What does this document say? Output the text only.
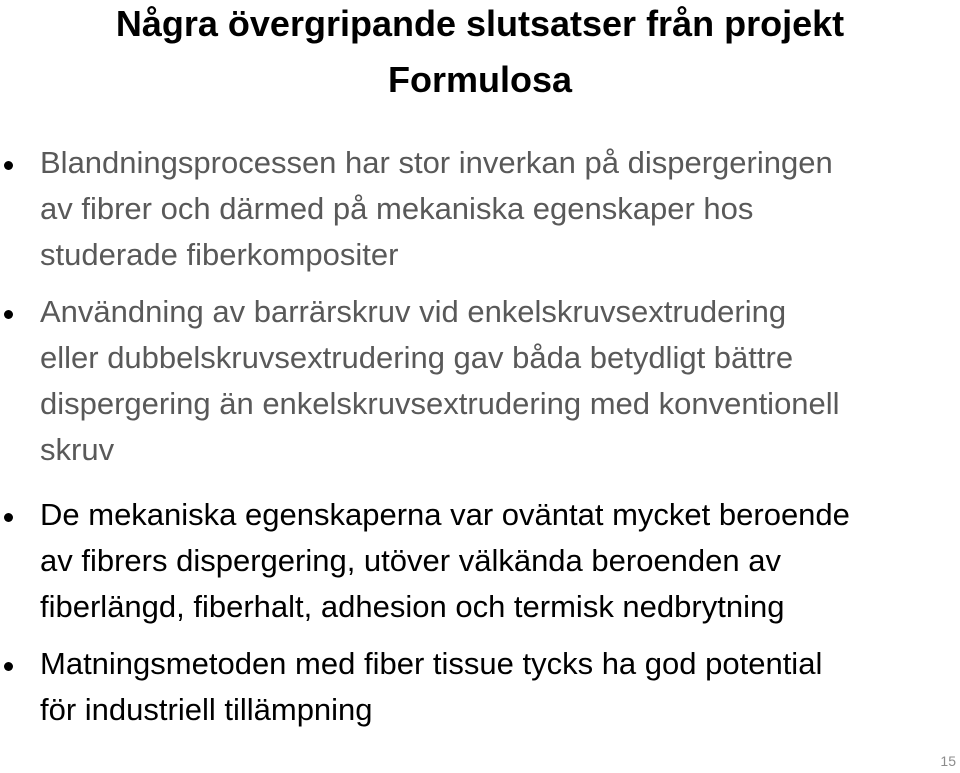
Några övergripande slutsatser från projekt
Formulosa
Blandningsprocessen har stor inverkan på dispergeringen
av fibrer och därmed på mekaniska egenskaper hos
studerade fiberkompositer
Användning av barrärskruv vid enkelskruvsextrudering
eller dubbelskruvsextrudering gav båda betydligt bättre
dispergering än enkelskruvsextrudering med konventionell
skruv
De mekaniska egenskaperna var oväntat mycket beroende
av fibrers dispergering, utöver välkända beroenden av
fiberlängd, fiberhalt, adhesion och termisk nedbrytning
Matningsmetoden med fiber tissue tycks ha god potential
för industriell tillämpning
15
